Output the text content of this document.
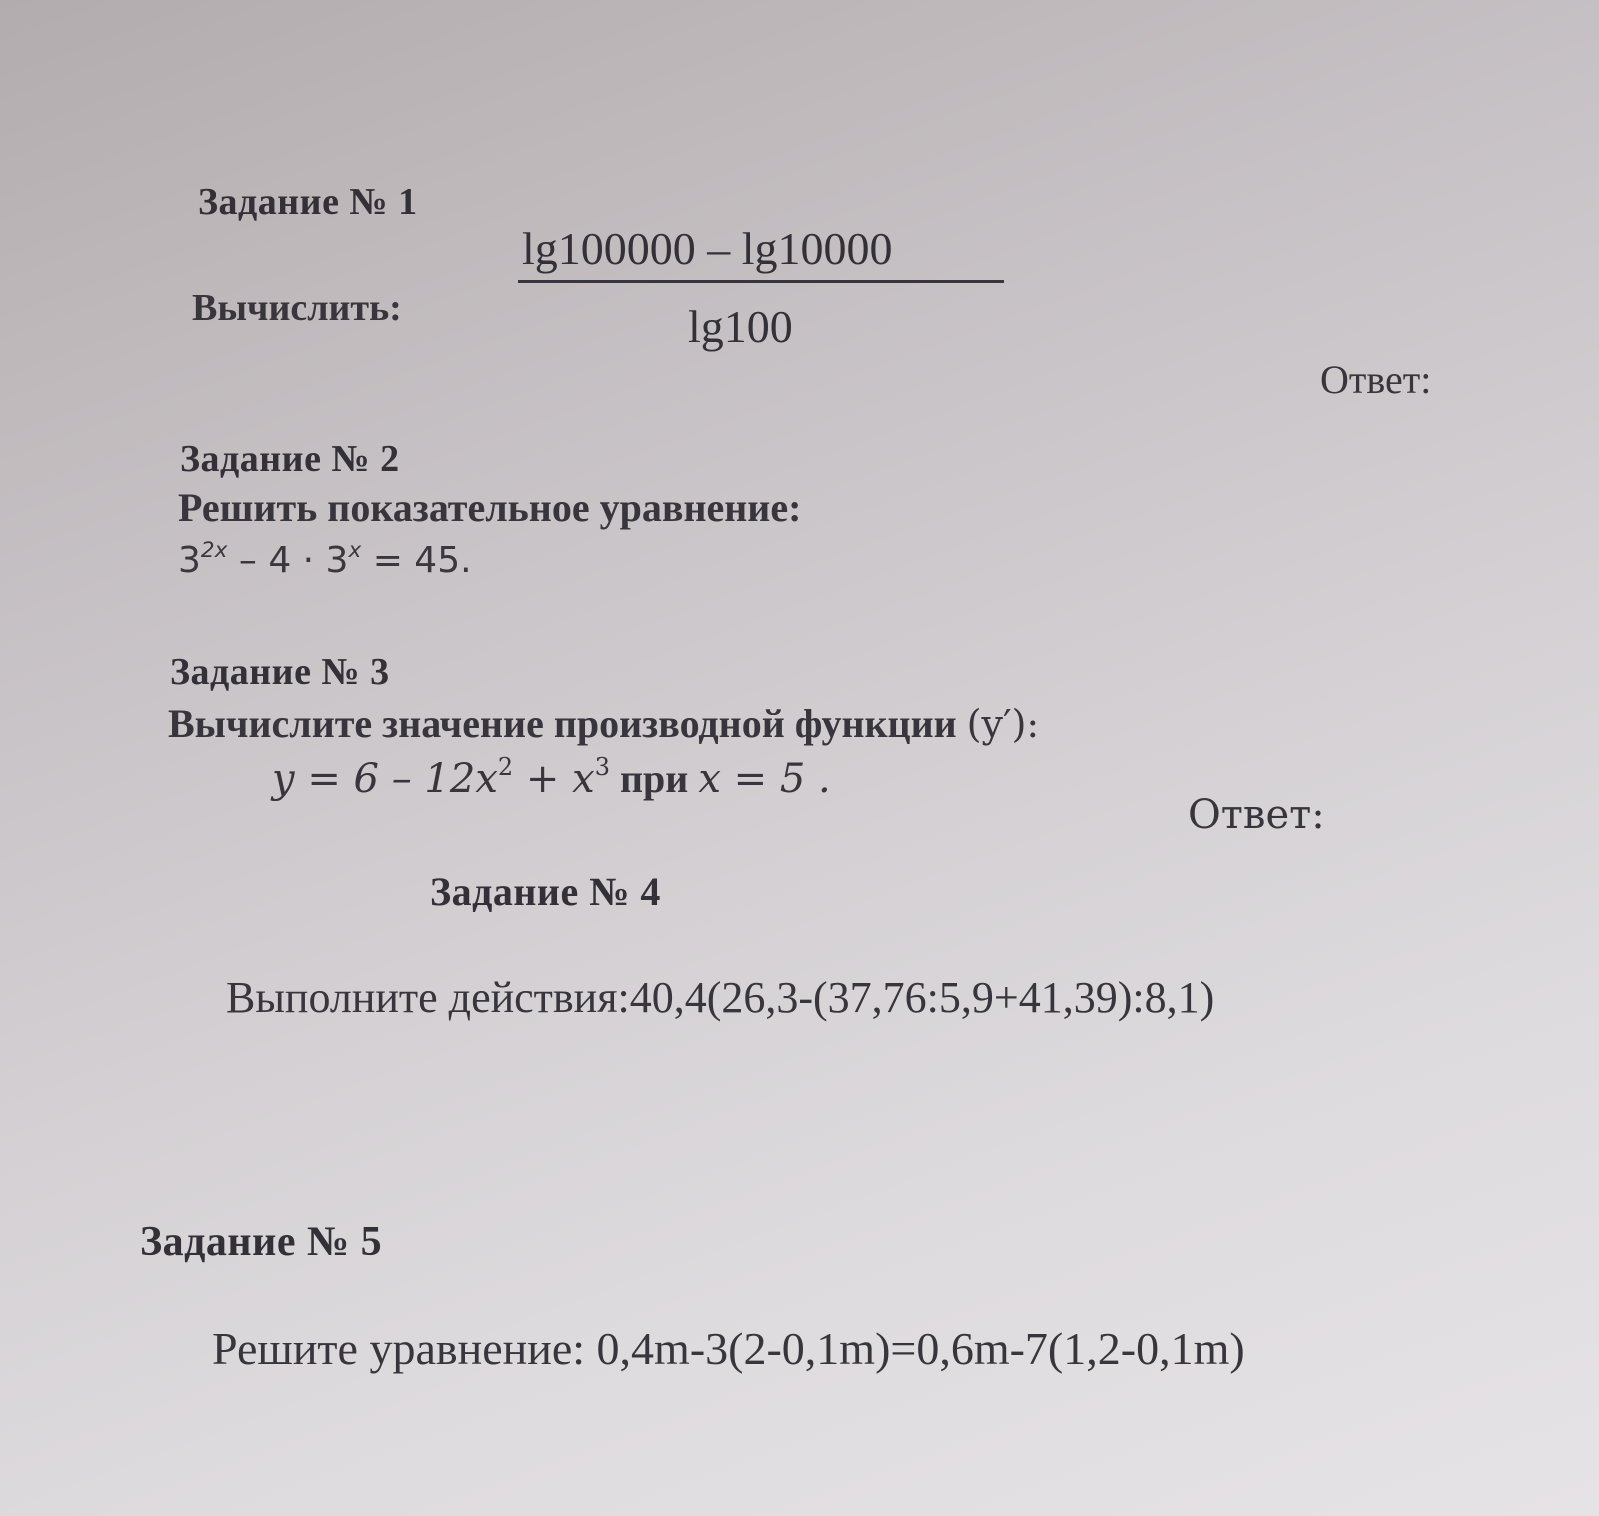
Задание № 1
Вычислить:
lg100000 – lg10000
lg100
Ответ:
Задание № 2
Решить показательное уравнение:
$3^{2x} - 4 \cdot 3^x = 45$.
Задание № 3
Вычислите значение производной функции (y′):
$y = 6 - 12x^2 + x^3$ при x = 5 .
Ответ:
Задание № 4
Выполните действия:40,4(26,3-(37,76:5,9+41,39):8,1)
Задание № 5
Решите уравнение: 0,4m-3(2-0,1m)=0,6m-7(1,2-0,1m)
